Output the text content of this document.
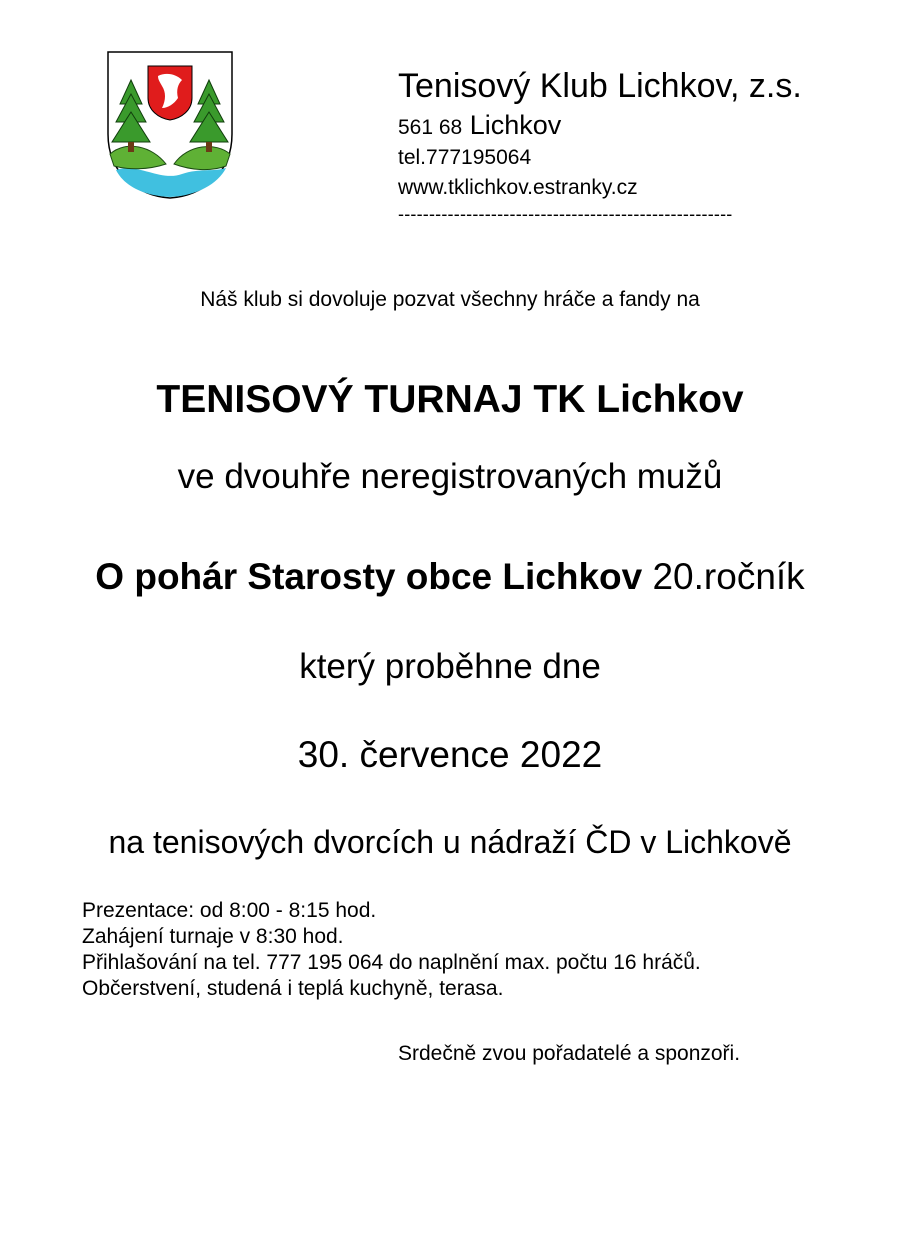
Tenisový Klub Lichkov, z.s.
561 68 Lichkov
tel.777195064
www.tklichkov.estranky.cz
------------------------------------------------------
Náš klub si dovoluje pozvat všechny hráče a fandy na
TENISOVÝ TURNAJ TK Lichkov
ve dvouhře neregistrovaných mužů
O pohár Starosty obce Lichkov 20.ročník
který proběhne dne
30. července 2022
na tenisových dvorcích u nádraží ČD v Lichkově
Prezentace: od 8:00 - 8:15 hod.
Zahájení turnaje v 8:30 hod.
Přihlašování na tel. 777 195 064 do naplnění max. počtu 16 hráčů.
Občerstvení, studená i teplá kuchyně, terasa.
Srdečně zvou pořadatelé a sponzoři.
